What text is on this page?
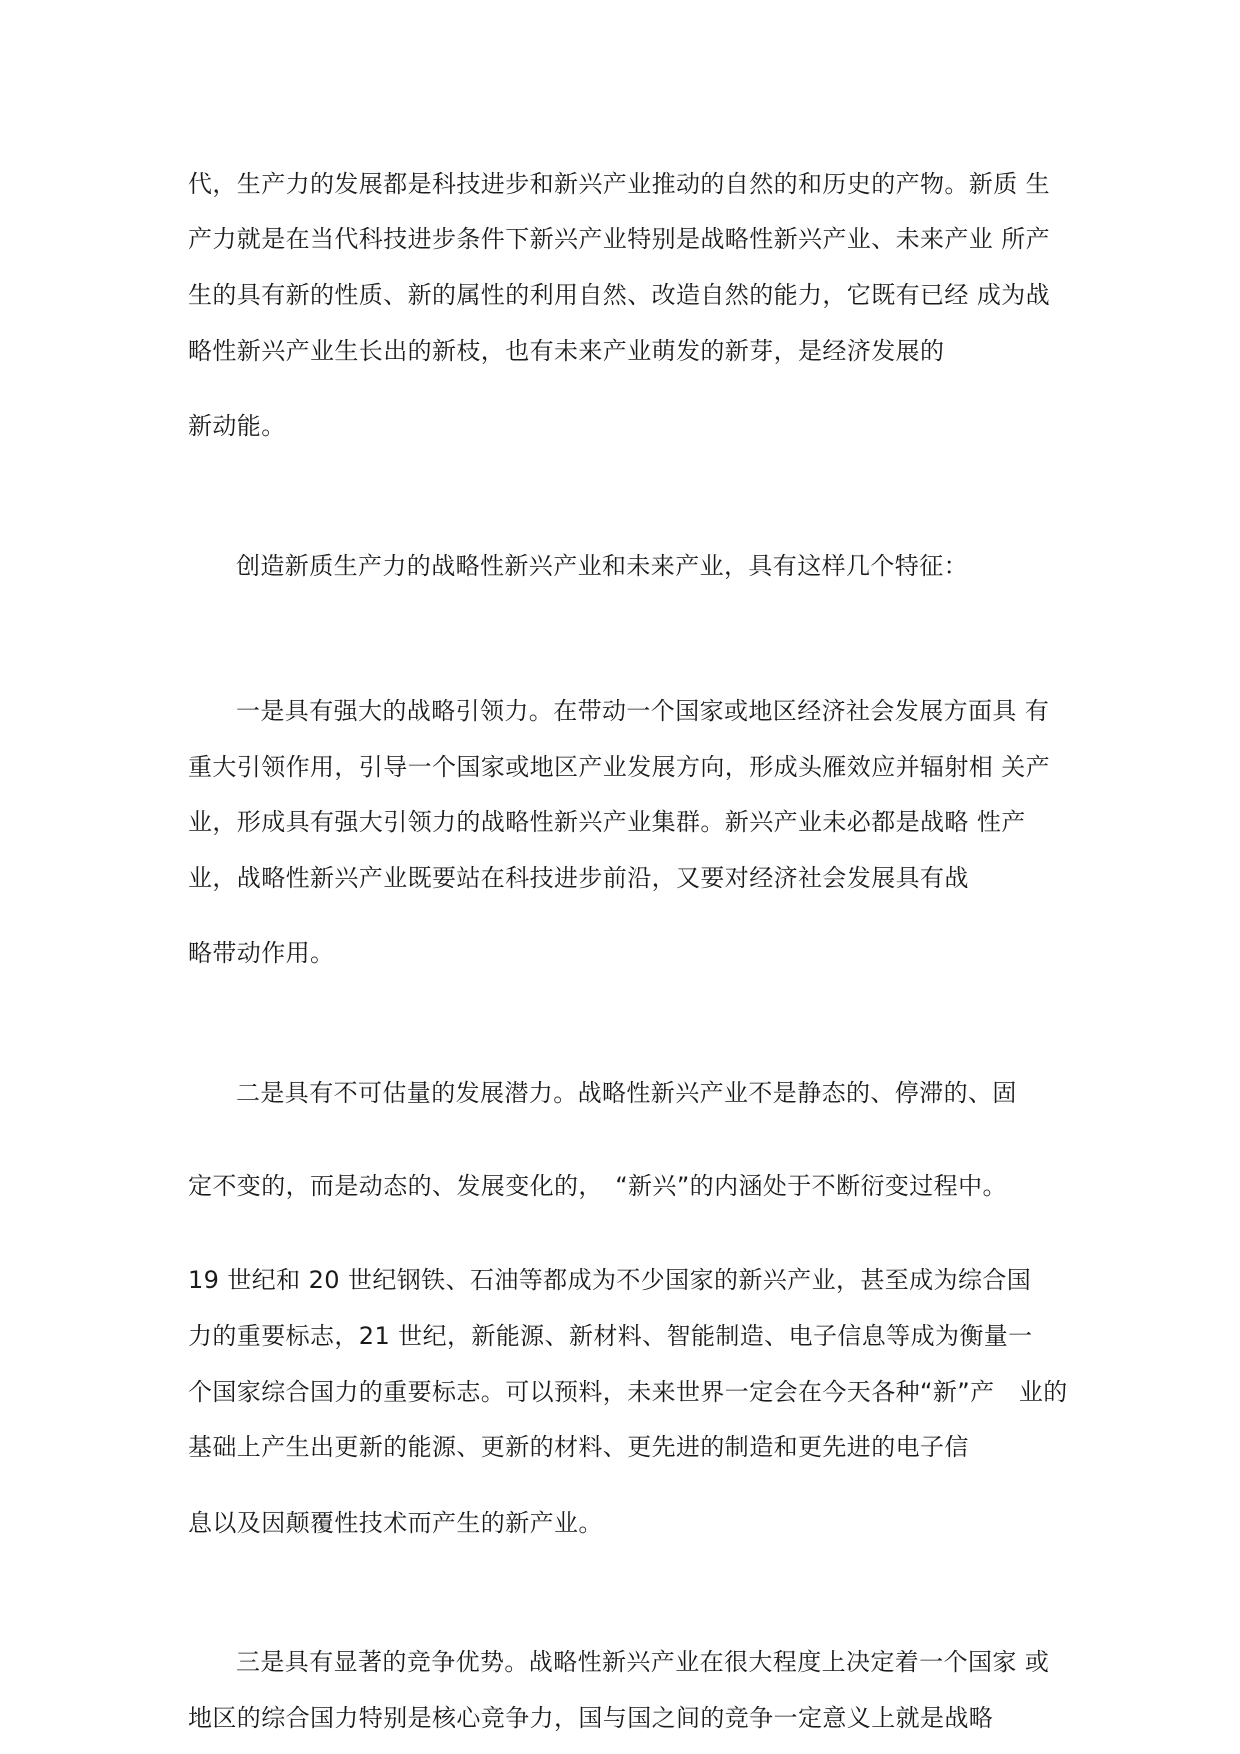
代，生产力的发展都是科技进步和新兴产业推动的自然的和历史的产物。新质 生
产力就是在当代科技进步条件下新兴产业特别是战略性新兴产业、未来产业 所产
生的具有新的性质、新的属性的利用自然、改造自然的能力，它既有已经 成为战
略性新兴产业生长出的新枝，也有未来产业萌发的新芽，是经济发展的
新动能。
创造新质生产力的战略性新兴产业和未来产业，具有这样几个特征：
一是具有强大的战略引领力。在带动一个国家或地区经济社会发展方面具 有
重大引领作用，引导一个国家或地区产业发展方向，形成头雁效应并辐射相 关产
业，形成具有强大引领力的战略性新兴产业集群。新兴产业未必都是战略 性产
业，战略性新兴产业既要站在科技进步前沿，又要对经济社会发展具有战
略带动作用。
二是具有不可估量的发展潜力。战略性新兴产业不是静态的、停滞的、固
定不变的，而是动态的、发展变化的，　“新兴”的内涵处于不断衍变过程中。
19 世纪和 20 世纪钢铁、石油等都成为不少国家的新兴产业，甚至成为综合国
力的重要标志，21 世纪，新能源、新材料、智能制造、电子信息等成为衡量一
个国家综合国力的重要标志。可以预料，未来世界一定会在今天各种“新”产　业的
基础上产生出更新的能源、更新的材料、更先进的制造和更先进的电子信
息以及因颠覆性技术而产生的新产业。
三是具有显著的竞争优势。战略性新兴产业在很大程度上决定着一个国家 或
地区的综合国力特别是核心竞争力，国与国之间的竞争一定意义上就是战略
